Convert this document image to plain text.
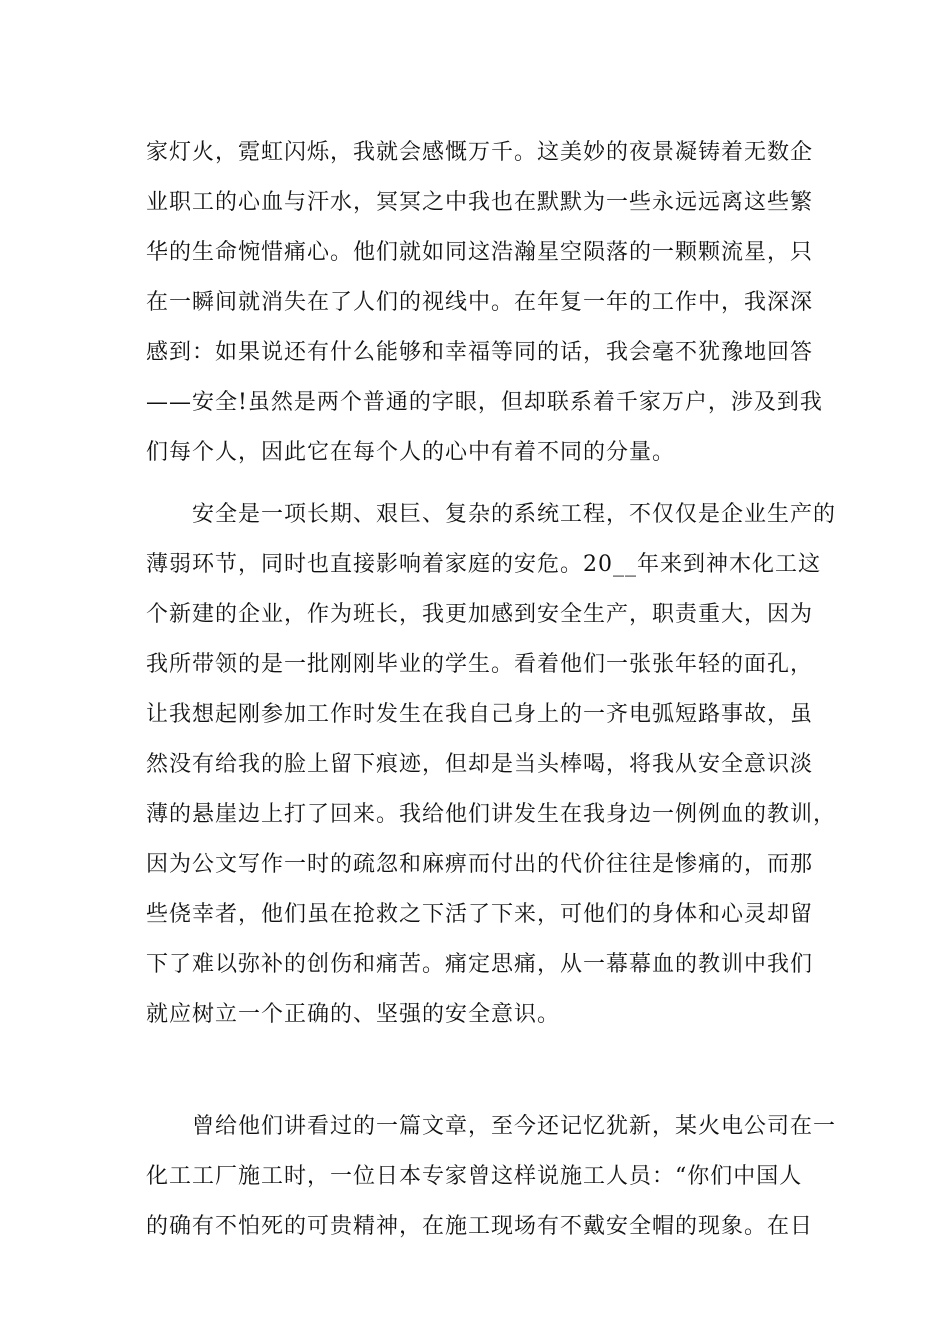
家灯火，霓虹闪烁，我就会感慨万千。这美妙的夜景凝铸着无数企
业职工的心血与汗水，冥冥之中我也在默默为一些永远远离这些繁
华的生命惋惜痛心。他们就如同这浩瀚星空陨落的一颗颗流星，只
在一瞬间就消失在了人们的视线中。在年复一年的工作中，我深深
感到：如果说还有什么能够和幸福等同的话，我会毫不犹豫地回答
——安全!虽然是两个普通的字眼，但却联系着千家万户，涉及到我
们每个人，因此它在每个人的心中有着不同的分量。
　　安全是一项长期、艰巨、复杂的系统工程，不仅仅是企业生产的
薄弱环节，同时也直接影响着家庭的安危。20__年来到神木化工这
个新建的企业，作为班长，我更加感到安全生产，职责重大，因为
我所带领的是一批刚刚毕业的学生。看着他们一张张年轻的面孔，
让我想起刚参加工作时发生在我自己身上的一齐电弧短路事故，虽
然没有给我的脸上留下痕迹，但却是当头棒喝，将我从安全意识淡
薄的悬崖边上打了回来。我给他们讲发生在我身边一例例血的教训，
因为公文写作一时的疏忽和麻痹而付出的代价往往是惨痛的，而那
些侥幸者，他们虽在抢救之下活了下来，可他们的身体和心灵却留
下了难以弥补的创伤和痛苦。痛定思痛，从一幕幕血的教训中我们
就应树立一个正确的、坚强的安全意识。
　　曾给他们讲看过的一篇文章，至今还记忆犹新，某火电公司在一
化工工厂施工时，一位日本专家曾这样说施工人员：“你们中国人
的确有不怕死的可贵精神，在施工现场有不戴安全帽的现象。在日
